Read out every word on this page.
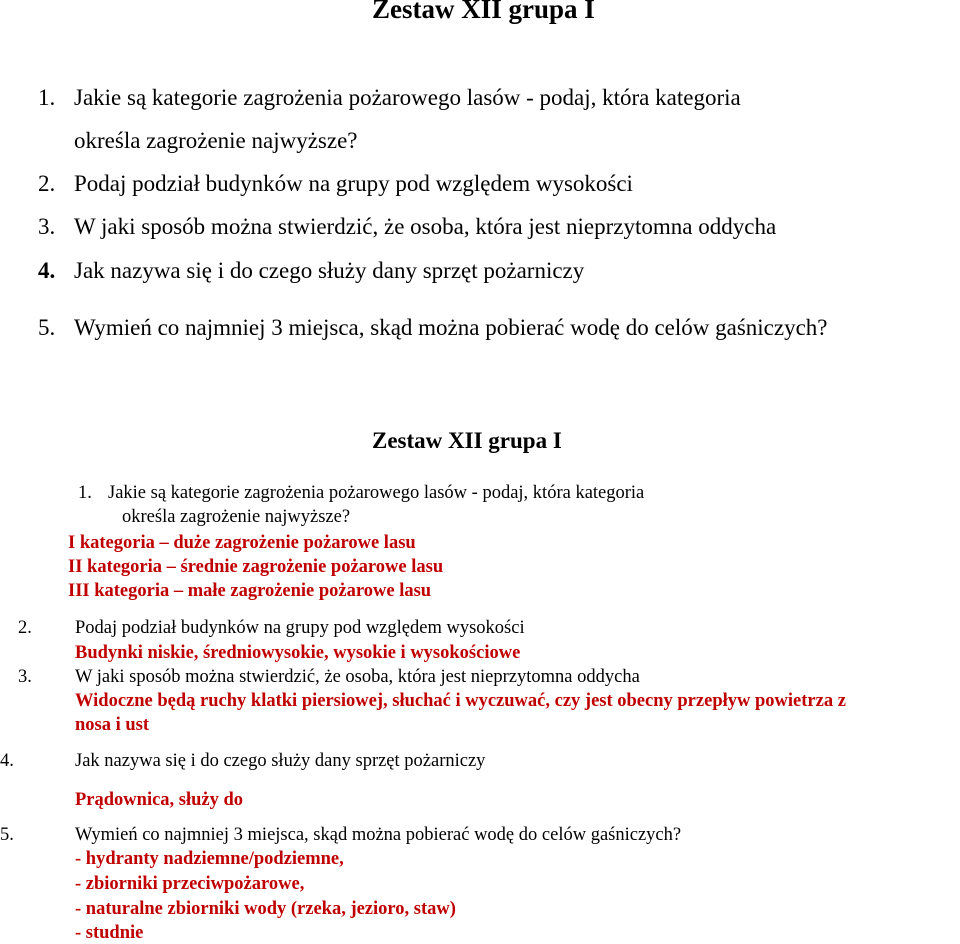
Zestaw XII grupa I
1. Jakie są kategorie zagrożenia pożarowego lasów - podaj, która kategoria
określa zagrożenie najwyższe?
2. Podaj podział budynków na grupy pod względem wysokości
3. W jaki sposób można stwierdzić, że osoba, która jest nieprzytomna oddycha
4. Jak nazywa się i do czego służy dany sprzęt pożarniczy
5. Wymień co najmniej 3 miejsca, skąd można pobierać wodę do celów gaśniczych?
Zestaw XII grupa I
1. Jakie są kategorie zagrożenia pożarowego lasów - podaj, która kategoria
określa zagrożenie najwyższe?
I kategoria – duże zagrożenie pożarowe lasu
II kategoria – średnie zagrożenie pożarowe lasu
III kategoria – małe zagrożenie pożarowe lasu
2. Podaj podział budynków na grupy pod względem wysokości
Budynki niskie, średniowysokie, wysokie i wysokościowe
3. W jaki sposób można stwierdzić, że osoba, która jest nieprzytomna oddycha
Widoczne będą ruchy klatki piersiowej, słuchać i wyczuwać, czy jest obecny przepływ powietrza z
nosa i ust
4.	Jak nazywa się i do czego służy dany sprzęt pożarniczy
Prądownica, służy do
5.	Wymień co najmniej 3 miejsca, skąd można pobierać wodę do celów gaśniczych?
- hydranty nadziemne/podziemne,
- zbiorniki przeciwpożarowe,
- naturalne zbiorniki wody (rzeka, jezioro, staw)
- studnie
